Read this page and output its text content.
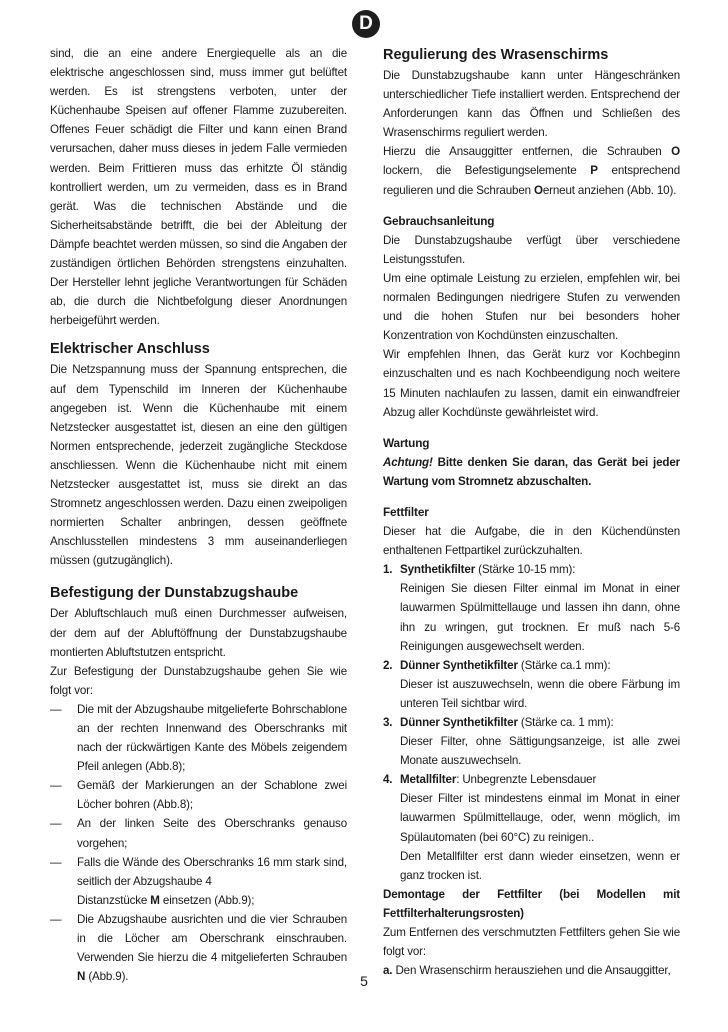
D

sind, die an eine andere Energiequelle als an die elektrische angeschlossen sind, muss immer gut belüftet werden. Es ist strengstens verboten, unter der Küchenhaube Speisen auf offener Flamme zuzubereiten. Offenes Feuer schädigt die Filter und kann einen Brand verursachen, daher muss dieses in jedem Falle vermieden werden. Beim Frittieren muss das erhitzte Öl ständig kontrolliert werden, um zu vermeiden, dass es in Brand gerät. Was die technischen Abstände und die Sicherheitsabstände betrifft, die bei der Ableitung der Dämpfe beachtet werden müssen, so sind die Angaben der zuständigen örtlichen Behörden strengstens einzuhalten. Der Hersteller lehnt jegliche Verantwortungen für Schäden ab, die durch die Nichtbefolgung dieser Anordnungen herbeigeführt werden.

Elektrischer Anschluss

Die Netzspannung muss der Spannung entsprechen, die auf dem Typenschild im Inneren der Küchenhaube angegeben ist. Wenn die Küchenhaube mit einem Netzstecker ausgestattet ist, diesen an eine den gültigen Normen entsprechende, jederzeit zugängliche Steckdose anschliessen. Wenn die Küchenhaube nicht mit einem Netzstecker ausgestattet ist, muss sie direkt an das Stromnetz angeschlossen werden. Dazu einen zweipoligen normierten Schalter anbringen, dessen geöffnete Anschlusstellen mindestens 3 mm auseinanderliegen müssen (gutzugänglich).

Befestigung der Dunstabzugshaube

Der Abluftschlauch muß einen Durchmesser aufweisen, der dem auf der Abluftöffnung der Dunstabzugshaube montierten Abluftstutzen entspricht.

Zur Befestigung der Dunstabzugshaube gehen Sie wie folgt vor:

— Die mit der Abzugshaube mitgelieferte Bohrschablone an der rechten Innenwand des Oberschranks mit nach der rückwärtigen Kante des Möbels zeigendem Pfeil anlegen (Abb.8);
— Gemäß der Markierungen an der Schablone zwei Löcher bohren (Abb.8);
— An der linken Seite des Oberschranks genauso vorgehen;
— Falls die Wände des Oberschranks 16 mm stark sind, seitlich der Abzugshaube 4
Distanzstücke M einsetzen (Abb.9);
— Die Abzugshaube ausrichten und die vier Schrauben in die Löcher am Oberschrank einschrauben. Verwenden Sie hierzu die 4 mitgelieferten Schrauben N (Abb.9).
Regulierung des Wrasenschirms

Die Dunstabzugshaube kann unter Hängeschränken unterschiedlicher Tiefe installiert werden. Entsprechend der Anforderungen kann das Öffnen und Schließen des Wrasenschirms reguliert werden.

Hierzu die Ansauggitter entfernen, die Schrauben O lockern, die Befestigungselemente P entsprechend regulieren und die Schrauben Oerneut anziehen (Abb. 10).

Gebrauchsanleitung

Die Dunstabzugshaube verfügt über verschiedene Leistungsstufen.

Um eine optimale Leistung zu erzielen, empfehlen wir, bei normalen Bedingungen niedrigere Stufen zu verwenden und die hohen Stufen nur bei besonders hoher Konzentration von Kochdünsten einzuschalten.

Wir empfehlen Ihnen, das Gerät kurz vor Kochbeginn einzuschalten und es nach Kochbeendigung noch weitere 15 Minuten nachlaufen zu lassen, damit ein einwandfreier Abzug aller Kochdünste gewährleistet wird.

Wartung

Achtung! Bitte denken Sie daran, das Gerät bei jeder Wartung vom Stromnetz abzuschalten.

Fettfilter

Dieser hat die Aufgabe, die in den Küchendünsten enthaltenen Fettpartikel zurückzuhalten.

1. Synthetikfilter (Stärke 10-15 mm):
Reinigen Sie diesen Filter einmal im Monat in einer lauwarmen Spülmittellauge und lassen ihn dann, ohne ihn zu wringen, gut trocknen. Er muß nach 5-6 Reinigungen ausgewechselt werden.
2. Dünner Synthetikfilter (Stärke ca.1 mm):
Dieser ist auszuwechseln, wenn die obere Färbung im unteren Teil sichtbar wird.
3. Dünner Synthetikfilter (Stärke ca. 1 mm):
Dieser Filter, ohne Sättigungsanzeige, ist alle zwei Monate auszuwechseln.
4. Metallfilter: Unbegrenzte Lebensdauer
Dieser Filter ist mindestens einmal im Monat in einer lauwarmen Spülmittellauge, oder, wenn möglich, im Spülautomaten (bei 60°C) zu reinigen..
Den Metallfilter erst dann wieder einsetzen, wenn er ganz trocken ist.

Demontage der Fettfilter (bei Modellen mit Fettfilterhalterungsrosten)

Zum Entfernen des verschmutzten Fettfilters gehen Sie wie folgt vor:

a. Den Wrasenschirm herausziehen und die Ansauggitter,

5
